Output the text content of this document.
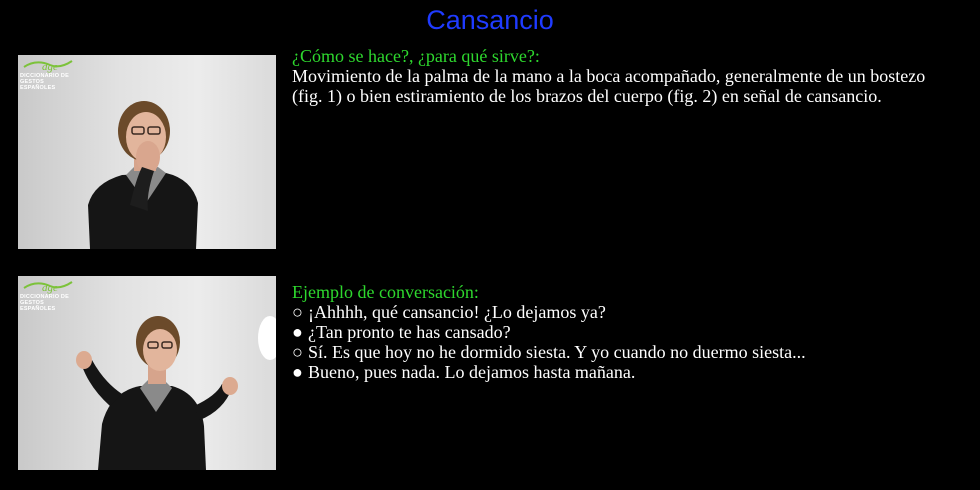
Cansancio
dge
DICCIONARIO DE GESTOS ESPAÑOLES
dge
DICCIONARIO DE GESTOS ESPAÑOLES
¿Cómo se hace?, ¿para qué sirve?:
Movimiento de la palma de la mano a la boca acompañado, generalmente de un bostezo (fig. 1) o bien estiramiento de los brazos del cuerpo (fig. 2) en señal de cansancio.
Ejemplo de conversación:
○ ¡Ahhhh, qué cansancio! ¿Lo dejamos ya?
● ¿Tan pronto te has cansado?
○ Sí. Es que hoy no he dormido siesta. Y yo cuando no duermo siesta...
● Bueno, pues nada. Lo dejamos hasta mañana.
